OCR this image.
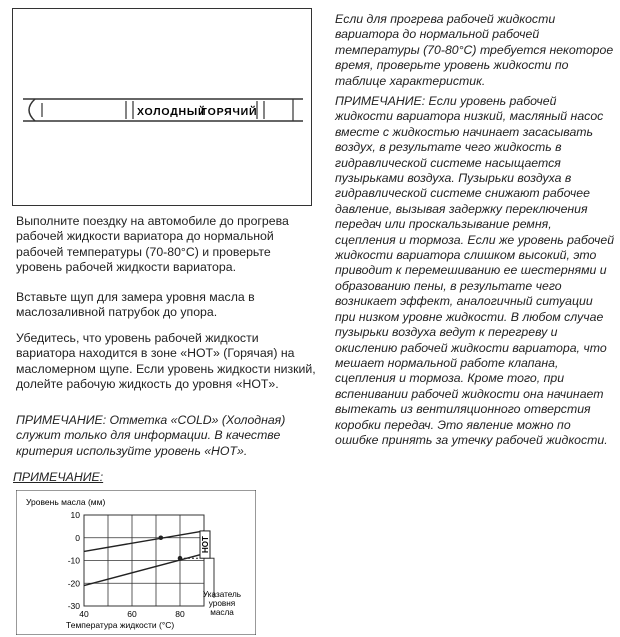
ХОЛОДНЫЙ
ГОРЯЧИЙ
Выполните поездку на автомобиле до прогрева рабочей жидкости вариатора до нормальной рабочей температуры (70-80°C) и проверьте уровень рабочей жидкости вариатора.
Вставьте щуп для замера уровня масла в маслозаливной патрубок до упора.
Убедитесь, что уровень рабочей жидкости вариатора находится в зоне «HOT» (Горячая) на масломерном щупе. Если уровень жидкости низкий, долейте рабочую жидкость до уровня «HOT».
ПРИМЕЧАНИЕ: Отметка «COLD» (Холодная) служит только для информации. В качестве критерия используйте уровень «HOT».
ПРИМЕЧАНИЕ:
Если для прогрева рабочей жидкости вариатора до нормальной рабочей температуры (70-80°C) требуется некоторое время, проверьте уровень жидкости по таблице характеристик.
ПРИМЕЧАНИЕ: Если уровень рабочей жидкости вариатора низкий, масляный насос вместе с жидкостью начинает засасывать воздух, в результате чего жидкость в гидравлической системе насыщается пузырьками воздуха. Пузырьки воздуха в гидравлической системе снижают рабочее давление, вызывая задержку переключения передач или проскальзывание ремня, сцепления и тормоза. Если же уровень рабочей жидкости вариатора слишком высокий, это приводит к перемешиванию ее шестернями и образованию пены, в результате чего возникает эффект, аналогичный ситуации при низком уровне жидкости. В любом случае пузырьки воздуха ведут к перегреву и окислению рабочей жидкости вариатора, что мешает нормальной работе клапана, сцепления и тормоза. Кроме того, при вспенивании рабочей жидкости она начинает вытекать из вентиляционного отверстия коробки передач. Это явление можно по ошибке принять за утечку рабочей жидкости.
Уровень масла (мм)
Температура жидкости (°C)
10
0
-10
-20
-30
40	60	80
HOT
Указатель уровня масла
